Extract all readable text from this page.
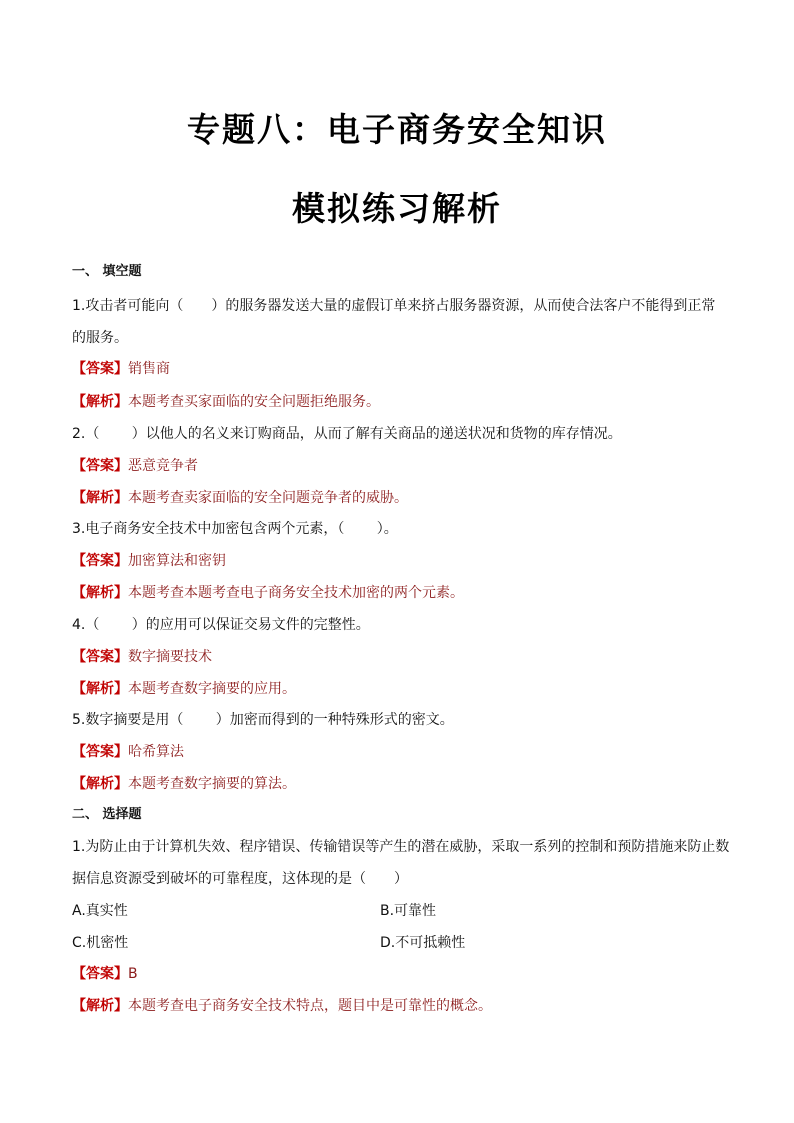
专题八：电子商务安全知识
模拟练习解析
一、 填空题
1.攻击者可能向（　　）的服务器发送大量的虚假订单来挤占服务器资源，从而使合法客户不能得到正常
的服务。
【答案】销售商
【解析】本题考查买家面临的安全问题拒绝服务。
2.（　　 ）以他人的名义来订购商品，从而了解有关商品的递送状况和货物的库存情况。
【答案】恶意竞争者
【解析】本题考查卖家面临的安全问题竞争者的威胁。
3.电子商务安全技术中加密包含两个元素，（　　 ）。
【答案】加密算法和密钥
【解析】本题考查本题考查电子商务安全技术加密的两个元素。
4.（　　 ）的应用可以保证交易文件的完整性。
【答案】数字摘要技术
【解析】本题考查数字摘要的应用。
5.数字摘要是用（　　 ）加密而得到的一种特殊形式的密文。
【答案】哈希算法
【解析】本题考查数字摘要的算法。
二、 选择题
1.为防止由于计算机失效、程序错误、传输错误等产生的潜在威胁，采取一系列的控制和预防措施来防止数
据信息资源受到破坏的可靠程度，这体现的是（　　）
A.真实性	B.可靠性
C.机密性	D.不可抵赖性
【答案】B
【解析】本题考查电子商务安全技术特点，题目中是可靠性的概念。
